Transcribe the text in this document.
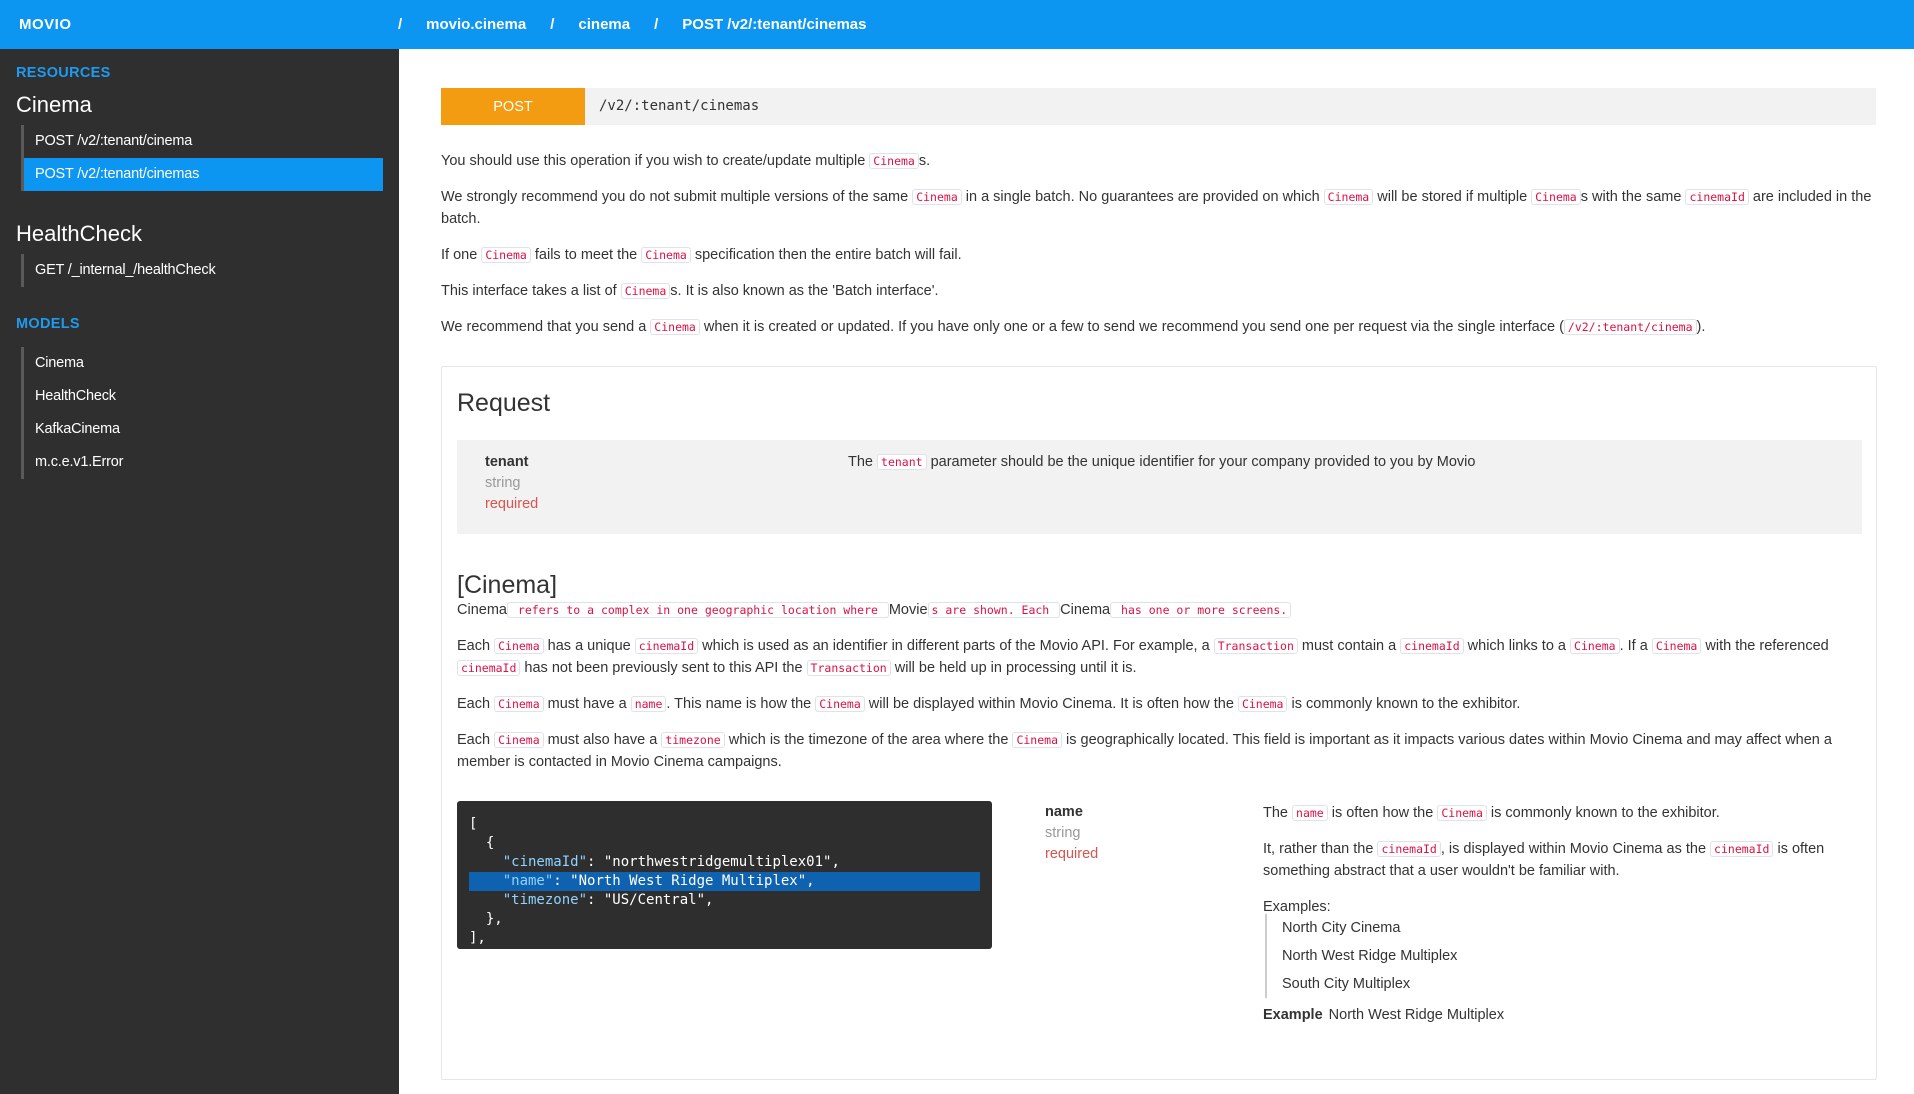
MOVIO	/ movio.cinema / cinema / POST /v2/:tenant/cinemas
RESOURCES
Cinema
POST /v2/:tenant/cinema
POST /v2/:tenant/cinemas
HealthCheck
GET /_internal_/healthCheck
MODELS
Cinema
HealthCheck
KafkaCinema
m.c.e.v1.Error
POST	/v2/:tenant/cinemas
You should use this operation if you wish to create/update multiple Cinema s.
We strongly recommend you do not submit multiple versions of the same Cinema in a single batch. No guarantees are provided on which Cinema will be stored if multiple Cinema s with the same cinemaId are included in the batch.
If one Cinema fails to meet the Cinema specification then the entire batch will fail.
This interface takes a list of Cinema s. It is also known as the 'Batch interface'.
We recommend that you send a Cinema when it is created or updated. If you have only one or a few to send we recommend you send one per request via the single interface ( /v2/:tenant/cinema ).
Request
tenant
string
required
The tenant parameter should be the unique identifier for your company provided to you by Movio
[Cinema]
Cinema refers to a complex in one geographic location where Movie s are shown. Each Cinema has one or more screens.
Each Cinema has a unique cinemaId which is used as an identifier in different parts of the Movio API. For example, a Transaction must contain a cinemaId which links to a Cinema . If a Cinema with the referenced cinemaId has not been previously sent to this API the Transaction will be held up in processing until it is.
Each Cinema must have a name . This name is how the Cinema will be displayed within Movio Cinema. It is often how the Cinema is commonly known to the exhibitor.
Each Cinema must also have a timezone which is the timezone of the area where the Cinema is geographically located. This field is important as it impacts various dates within Movio Cinema and may affect when a member is contacted in Movio Cinema campaigns.
[
{
"cinemaId": "northwestridgemultiplex01",
"name": "North West Ridge Multiplex",
"timezone": "US/Central",
},
],
name
string
required
The name is often how the Cinema is commonly known to the exhibitor.
It, rather than the cinemaId , is displayed within Movio Cinema as the cinemaId is often something abstract that a user wouldn't be familiar with.
Examples:
North City Cinema
North West Ridge Multiplex
South City Multiplex
Example North West Ridge Multiplex
